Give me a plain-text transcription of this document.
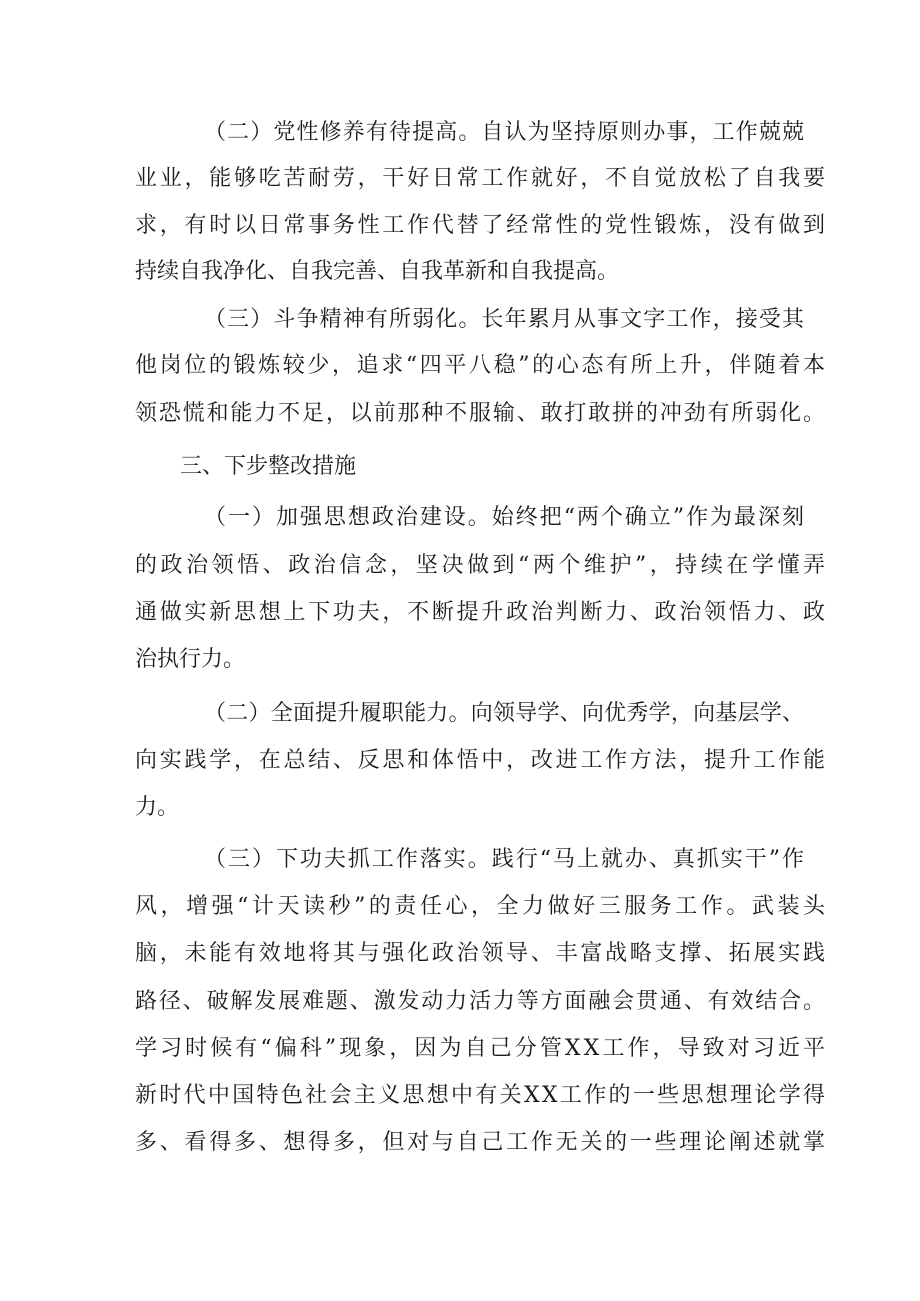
（二）党性修养有待提高。自认为坚持原则办事，工作兢兢
业业，能够吃苦耐劳，干好日常工作就好，不自觉放松了自我要
求，有时以日常事务性工作代替了经常性的党性锻炼，没有做到
持续自我净化、自我完善、自我革新和自我提高。
（三）斗争精神有所弱化。长年累月从事文字工作，接受其
他岗位的锻炼较少，追求“四平八稳”的心态有所上升，伴随着本
领恐慌和能力不足，以前那种不服输、敢打敢拼的冲劲有所弱化。
三、下步整改措施
（一）加强思想政治建设。始终把“两个确立”作为最深刻
的政治领悟、政治信念，坚决做到“两个维护”，持续在学懂弄
通做实新思想上下功夫，不断提升政治判断力、政治领悟力、政
治执行力。
（二）全面提升履职能力。向领导学、向优秀学，向基层学、
向实践学，在总结、反思和体悟中，改进工作方法，提升工作能
力。
（三）下功夫抓工作落实。践行“马上就办、真抓实干”作
风，增强“计天读秒”的责任心，全力做好三服务工作。武装头
脑，未能有效地将其与强化政治领导、丰富战略支撑、拓展实践
路径、破解发展难题、激发动力活力等方面融会贯通、有效结合。
学习时候有“偏科”现象，因为自己分管XX工作，导致对习近平
新时代中国特色社会主义思想中有关XX工作的一些思想理论学得
多、看得多、想得多，但对与自己工作无关的一些理论阐述就掌
